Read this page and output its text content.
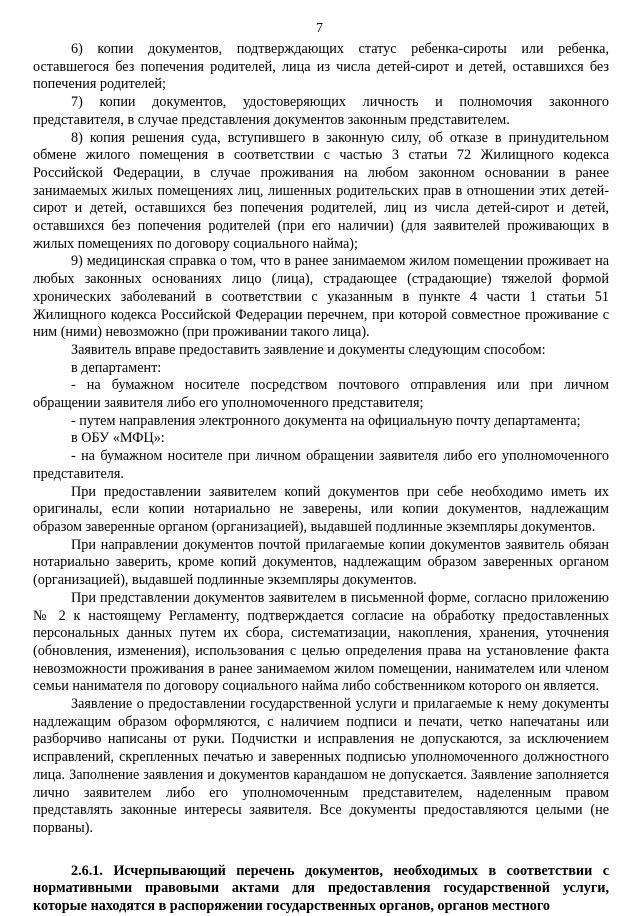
7

6) копии документов, подтверждающих статус ребенка-сироты или ребенка, оставшегося без попечения родителей, лица из числа детей-сирот и детей, оставшихся без попечения родителей;

7) копии документов, удостоверяющих личность и полномочия законного представителя, в случае представления документов законным представителем.

8) копия решения суда, вступившего в законную силу, об отказе в принудительном обмене жилого помещения в соответствии с частью 3 статьи 72 Жилищного кодекса Российской Федерации, в случае проживания на любом законном основании в ранее занимаемых жилых помещениях лиц, лишенных родительских прав в отношении этих детей-сирот и детей, оставшихся без попечения родителей, лиц из числа детей-сирот и детей, оставшихся без попечения родителей (при его наличии) (для заявителей проживающих в жилых помещениях по договору социального найма);

9) медицинская справка о том, что в ранее занимаемом жилом помещении проживает на любых законных основаниях лицо (лица), страдающее (страдающие) тяжелой формой хронических заболеваний в соответствии с указанным в пункте 4 части 1 статьи 51 Жилищного кодекса Российской Федерации перечнем, при которой совместное проживание с ним (ними) невозможно (при проживании такого лица).

Заявитель вправе предоставить заявление и документы следующим способом:

в департамент:

- на бумажном носителе посредством почтового отправления или при личном обращении заявителя либо его уполномоченного представителя;

- путем направления электронного документа на официальную почту департамента;

в ОБУ «МФЦ»:

- на бумажном носителе при личном обращении заявителя либо его уполномоченного представителя.

При предоставлении заявителем копий документов при себе необходимо иметь их оригиналы, если копии нотариально не заверены, или копии документов, надлежащим образом заверенные органом (организацией), выдавшей подлинные экземпляры документов.

При направлении документов почтой прилагаемые копии документов заявитель обязан нотариально заверить, кроме копий документов, надлежащим образом заверенных органом (организацией), выдавшей подлинные экземпляры документов.

При представлении документов заявителем в письменной форме, согласно приложению № 2 к настоящему Регламенту, подтверждается согласие на обработку предоставленных персональных данных путем их сбора, систематизации, накопления, хранения, уточнения (обновления, изменения), использования с целью определения права на установление факта невозможности проживания в ранее занимаемом жилом помещении, нанимателем или членом семьи нанимателя по договору социального найма либо собственником которого он является.

Заявление о предоставлении государственной услуги и прилагаемые к нему документы надлежащим образом оформляются, с наличием подписи и печати, четко напечатаны или разборчиво написаны от руки. Подчистки и исправления не допускаются, за исключением исправлений, скрепленных печатью и заверенных подписью уполномоченного должностного лица. Заполнение заявления и документов карандашом не допускается. Заявление заполняется лично заявителем либо его уполномоченным представителем, наделенным правом представлять законные интересы заявителя. Все документы предоставляются целыми (не порваны).

2.6.1. Исчерпывающий перечень документов, необходимых в соответствии с нормативными правовыми актами для предоставления государственной услуги, которые находятся в распоряжении государственных органов, органов местного
